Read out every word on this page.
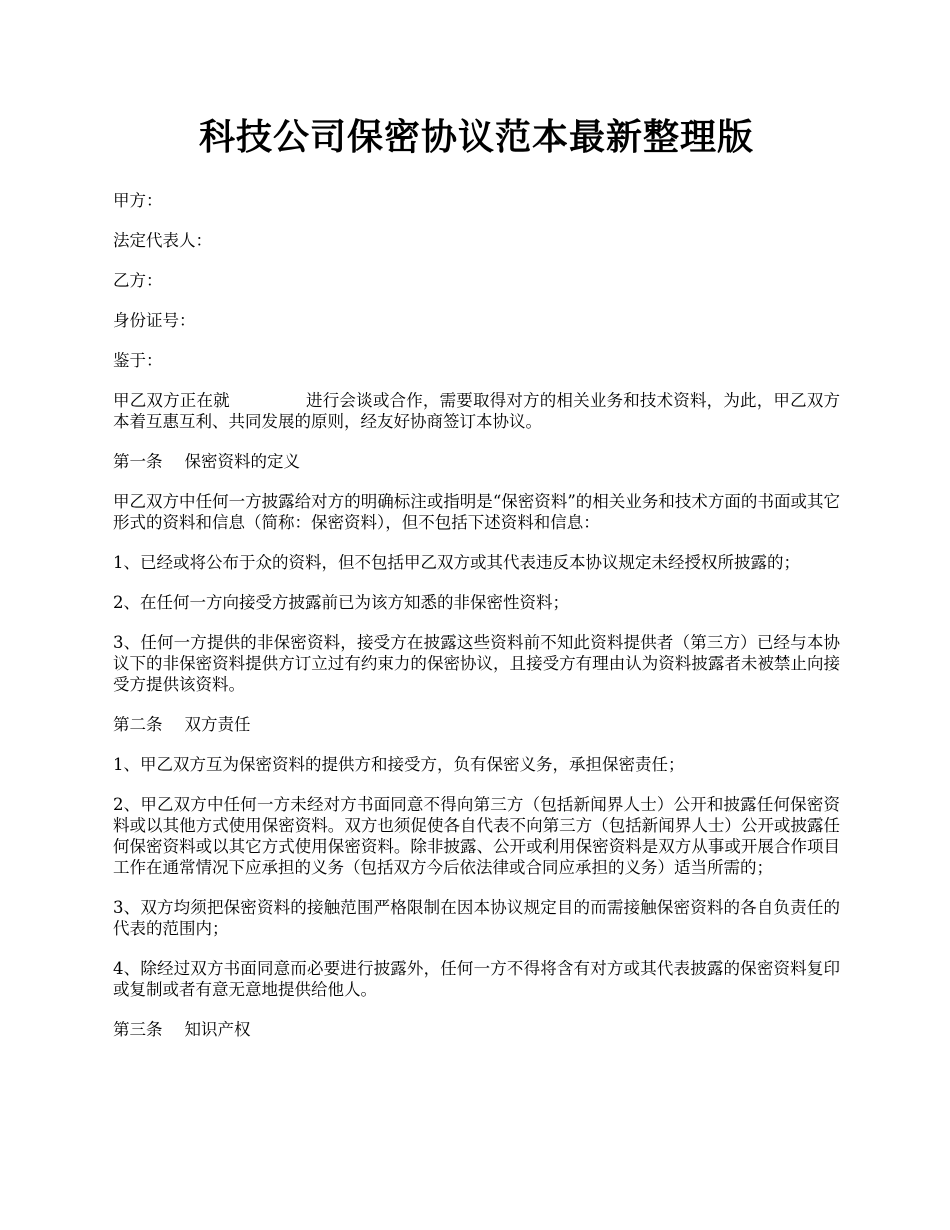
科技公司保密协议范本最新整理版
甲方：
法定代表人：
乙方：
身份证号：
鉴于：

甲乙双方正在就	进行会谈或合作，需要取得对方的相关业务和技术资料，为此，甲乙双方本着互惠互利、共同发展的原则，经友好协商签订本协议。

第一条 保密资料的定义

甲乙双方中任何一方披露给对方的明确标注或指明是“保密资料”的相关业务和技术方面的书面或其它形式的资料和信息（简称：保密资料），但不包括下述资料和信息：

1、已经或将公布于众的资料，但不包括甲乙双方或其代表违反本协议规定未经授权所披露的；

2、在任何一方向接受方披露前已为该方知悉的非保密性资料；

3、任何一方提供的非保密资料，接受方在披露这些资料前不知此资料提供者（第三方）已经与本协议下的非保密资料提供方订立过有约束力的保密协议，且接受方有理由认为资料披露者未被禁止向接受方提供该资料。

第二条 双方责任

1、甲乙双方互为保密资料的提供方和接受方，负有保密义务，承担保密责任；

2、甲乙双方中任何一方未经对方书面同意不得向第三方（包括新闻界人士）公开和披露任何保密资料或以其他方式使用保密资料。双方也须促使各自代表不向第三方（包括新闻界人士）公开或披露任何保密资料或以其它方式使用保密资料。除非披露、公开或利用保密资料是双方从事或开展合作项目工作在通常情况下应承担的义务（包括双方今后依法律或合同应承担的义务）适当所需的；

3、双方均须把保密资料的接触范围严格限制在因本协议规定目的而需接触保密资料的各自负责任的代表的范围内；

4、除经过双方书面同意而必要进行披露外，任何一方不得将含有对方或其代表披露的保密资料复印或复制或者有意无意地提供给他人。

第三条 知识产权
